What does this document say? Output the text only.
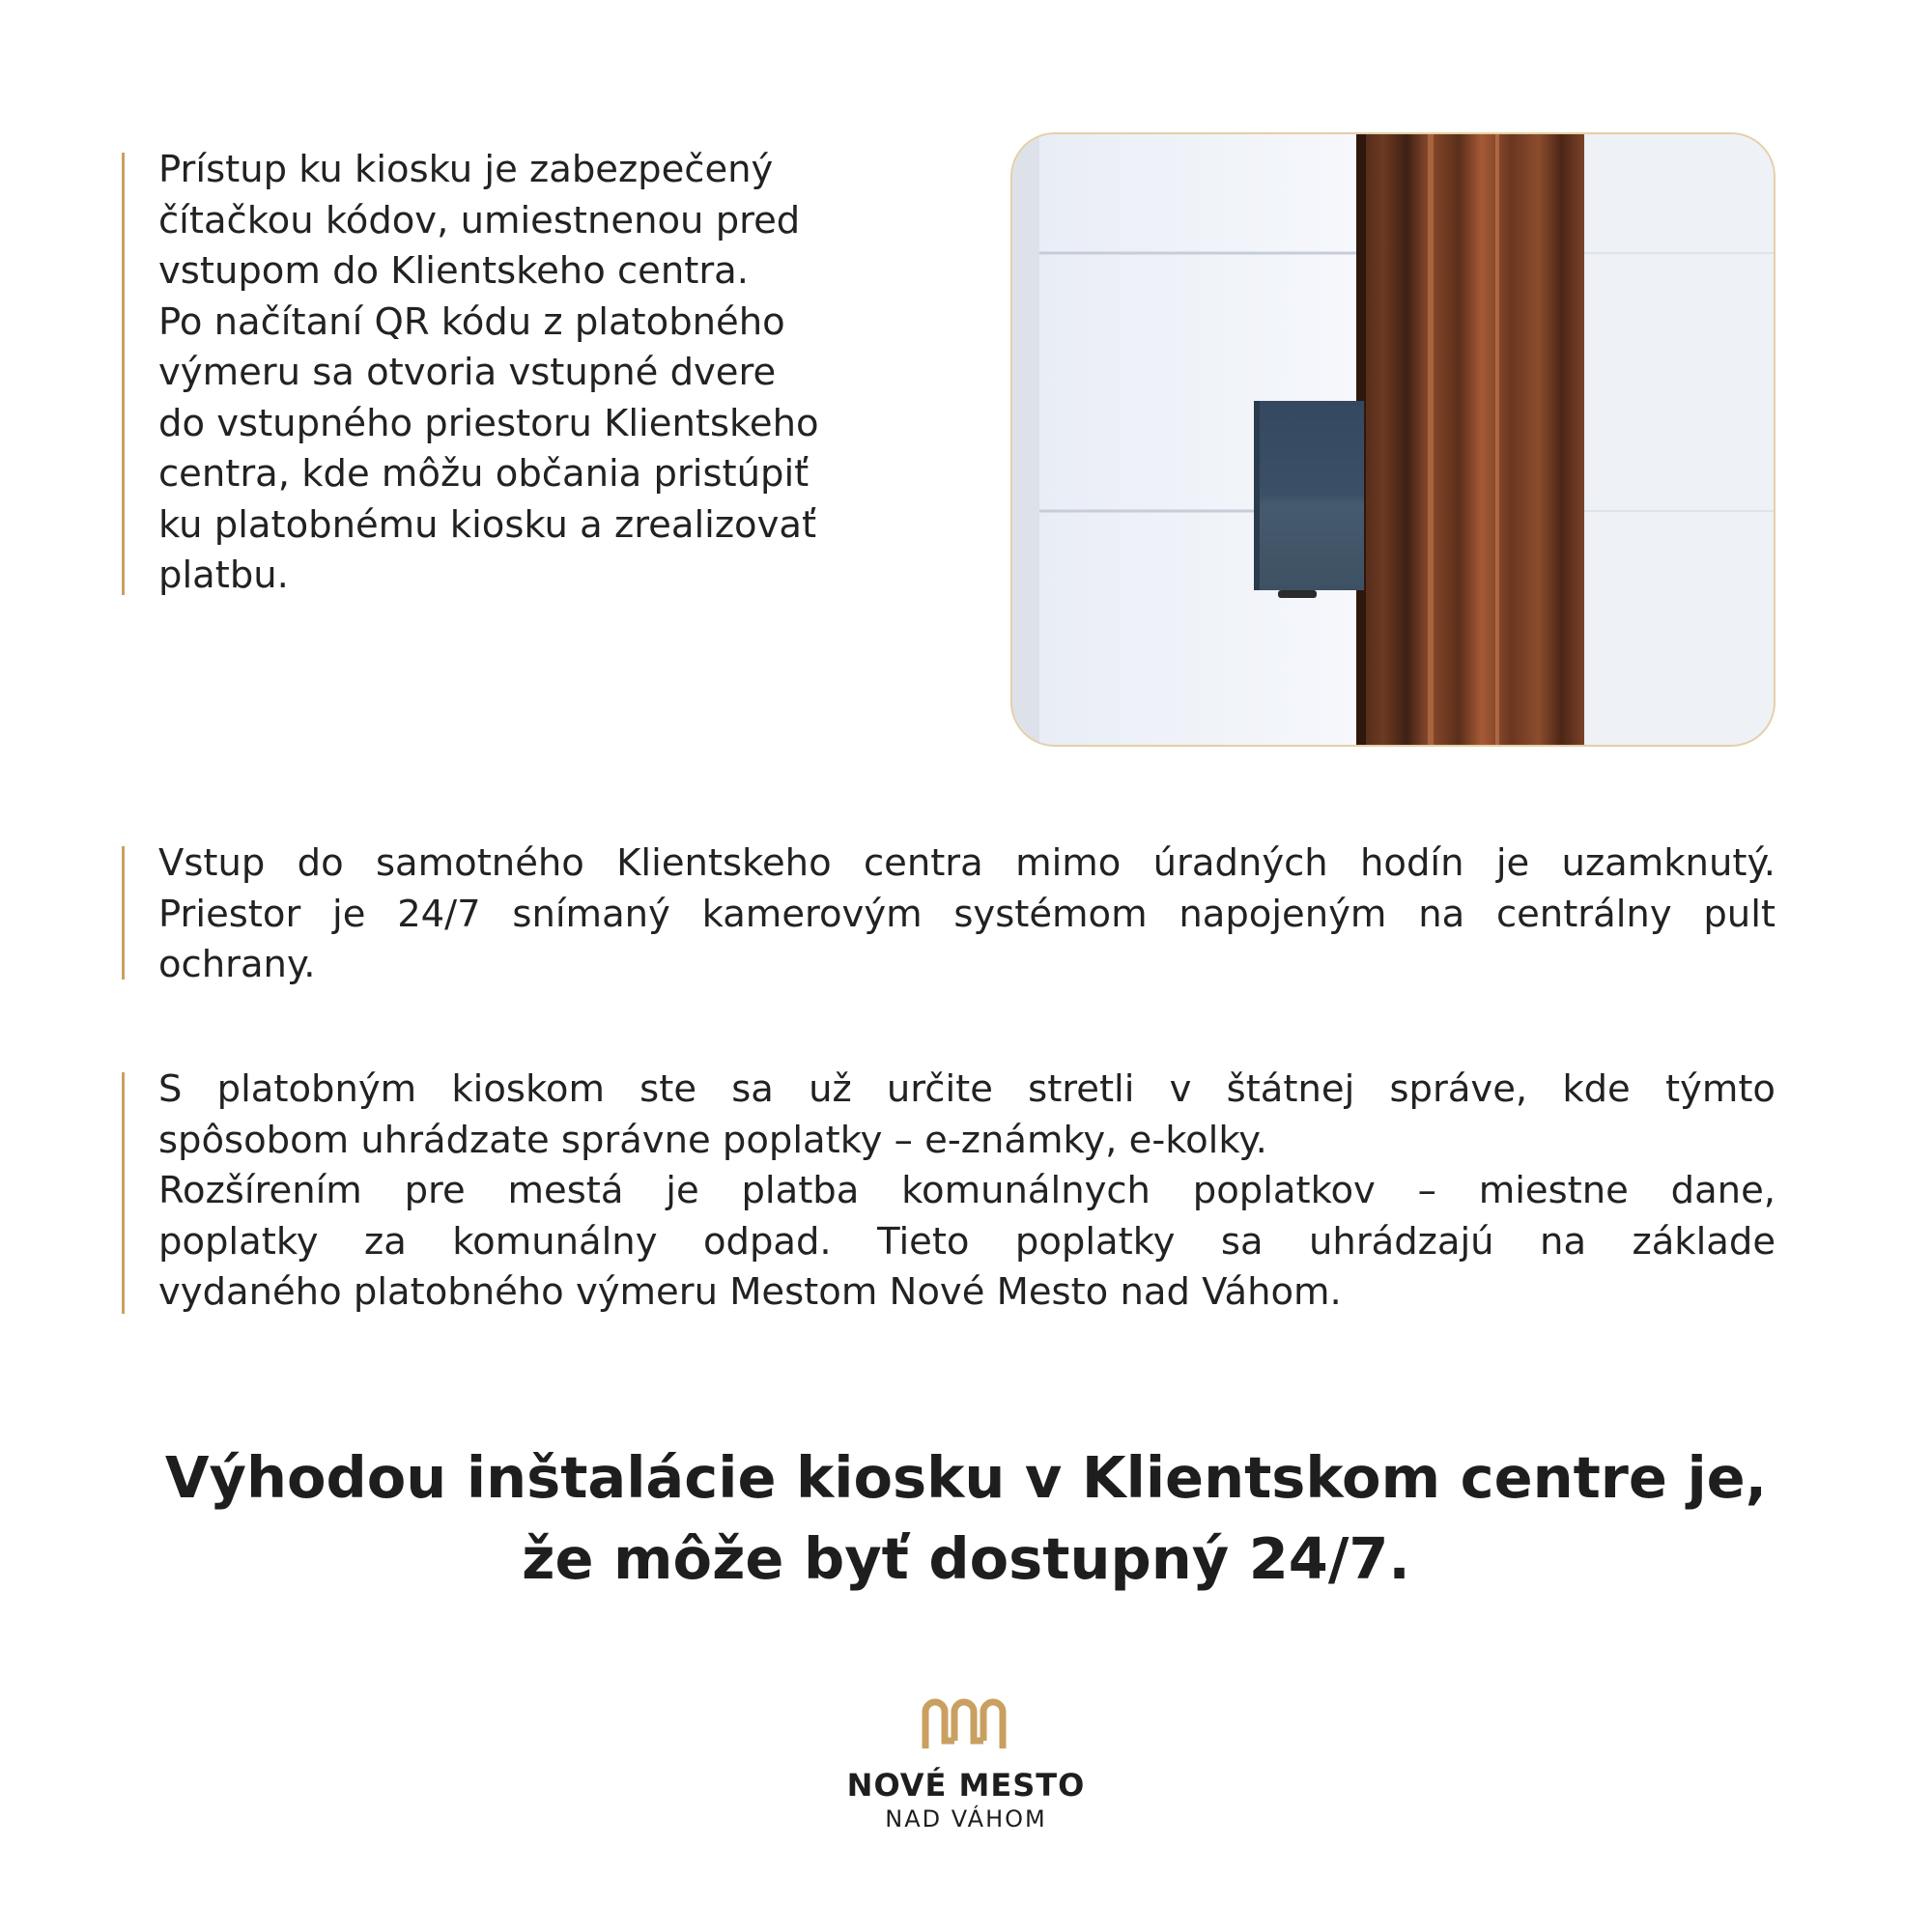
Prístup ku kiosku je zabezpečený
čítačkou kódov, umiestnenou pred
vstupom do Klientskeho centra.
Po načítaní QR kódu z platobného
výmeru sa otvoria vstupné dvere
do vstupného priestoru Klientskeho
centra, kde môžu občania pristúpiť
ku platobnému kiosku a zrealizovať
platbu.
Vstup do samotného Klientskeho centra mimo úradných hodín je uzamknutý.
Priestor je 24/7 snímaný kamerovým systémom napojeným na centrálny pult
ochrany.
S platobným kioskom ste sa už určite stretli v štátnej správe, kde týmto
spôsobom uhrádzate správne poplatky – e-známky, e-kolky.
Rozšírením pre mestá je platba komunálnych poplatkov – miestne dane,
poplatky za komunálny odpad. Tieto poplatky sa uhrádzajú na základe
vydaného platobného výmeru Mestom Nové Mesto nad Váhom.
Výhodou inštalácie kiosku v Klientskom centre je,
že môže byť dostupný 24/7.
NOVÉ MESTO
NAD VÁHOM
